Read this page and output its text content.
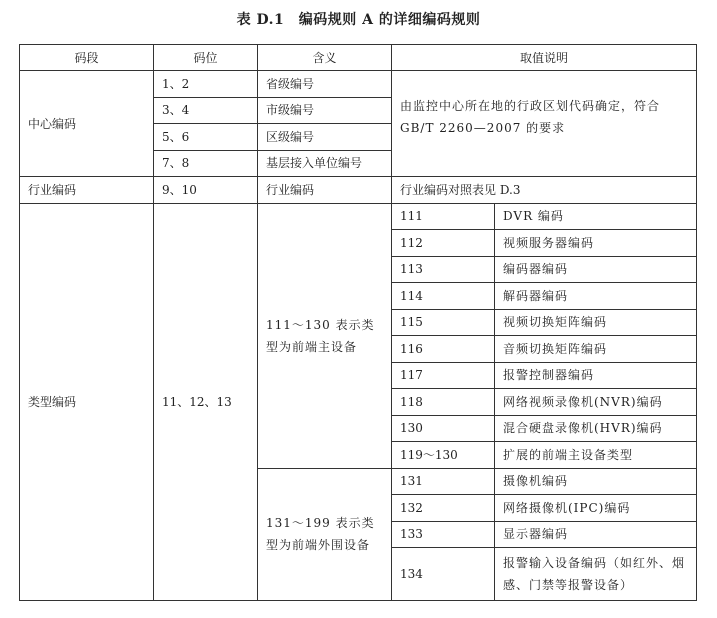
表 D.1　编码规则 A 的详细编码规则
码段	码位	含义	取值说明	
中心编码	1、2	省级编号	由监控中心所在地的行政区划代码确定，符合GB/T 2260—2007 的要求	
	3、4	市级编号		
	5、6	区级编号		
	7、8	基层接入单位编号		
行业编码	9、10	行业编码	行业编码对照表见 D.3	
类型编码	11、12、13	111～130 表示类型为前端主设备	111	DVR 编码
			112	视频服务器编码
			113	编码器编码
			114	解码器编码
			115	视频切换矩阵编码
			116	音频切换矩阵编码
			117	报警控制器编码
			118	网络视频录像机(NVR)编码
			130	混合硬盘录像机(HVR)编码
			119～130	扩展的前端主设备类型
		131～199 表示类型为前端外围设备	131	摄像机编码
			132	网络摄像机(IPC)编码
			133	显示器编码
			134	报警输入设备编码（如红外、烟感、门禁等报警设备）
